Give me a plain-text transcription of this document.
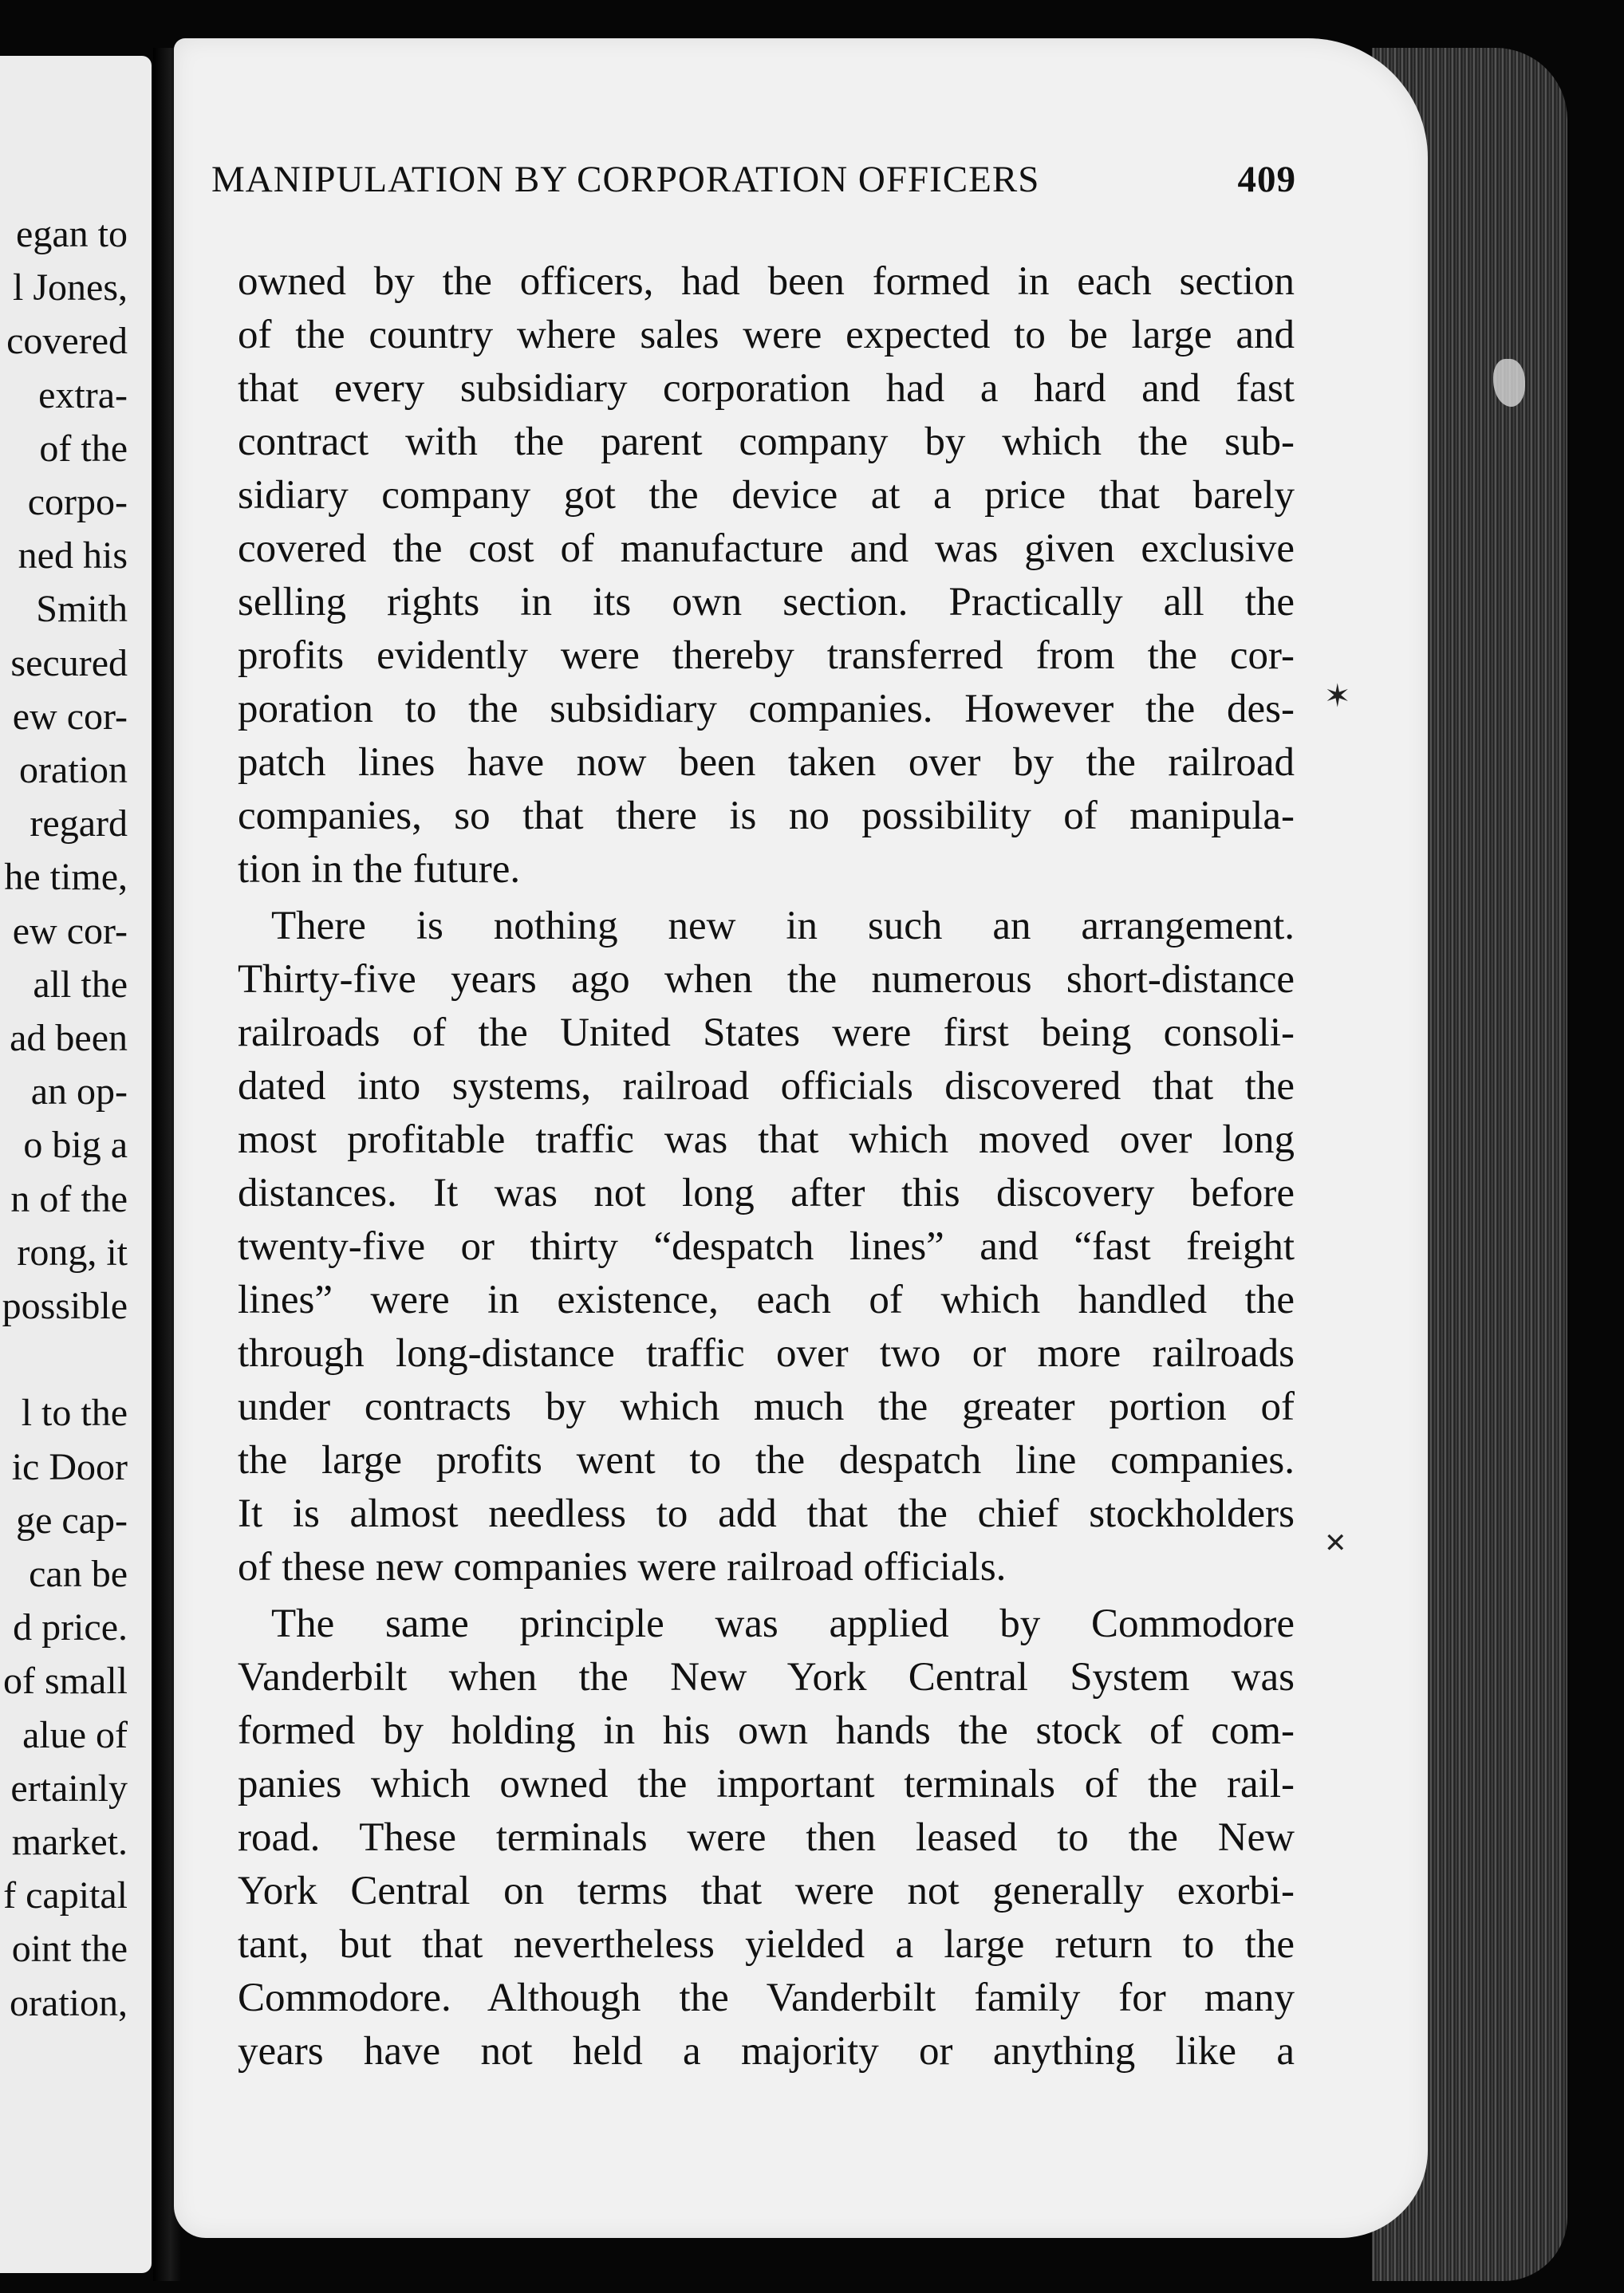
egan to
l Jones,
covered
extra-
of the
corpo-
ned his
Smith
secured
ew cor-
oration
regard
he time,
ew cor-
all the
ad been
an op-
o big a
n of the
rong, it
possible
l to the
ic Door
ge cap-
can be
d price.
of small
alue of
ertainly
market.
f capital
oint the
oration,
MANIPULATION BY CORPORATION OFFICERS	409
owned by the officers, had been formed in each section
of the country where sales were expected to be large and
that every subsidiary corporation had a hard and fast
contract with the parent company by which the sub-
sidiary company got the device at a price that barely
covered the cost of manufacture and was given exclusive
selling rights in its own section. Practically all the
profits evidently were thereby transferred from the cor-
poration to the subsidiary companies. However the des-
patch lines have now been taken over by the railroad
companies, so that there is no possibility of manipula-
tion in the future.
There is nothing new in such an arrangement.
Thirty-five years ago when the numerous short-distance
railroads of the United States were first being consoli-
dated into systems, railroad officials discovered that the
most profitable traffic was that which moved over long
distances. It was not long after this discovery before
twenty-five or thirty “despatch lines” and “fast freight
lines” were in existence, each of which handled the
through long-distance traffic over two or more railroads
under contracts by which much the greater portion of
the large profits went to the despatch line companies.
It is almost needless to add that the chief stockholders
of these new companies were railroad officials.
The same principle was applied by Commodore
Vanderbilt when the New York Central System was
formed by holding in his own hands the stock of com-
panies which owned the important terminals of the rail-
road. These terminals were then leased to the New
York Central on terms that were not generally exorbi-
tant, but that nevertheless yielded a large return to the
Commodore. Although the Vanderbilt family for many
years have not held a majority or anything like a
✶
✕
